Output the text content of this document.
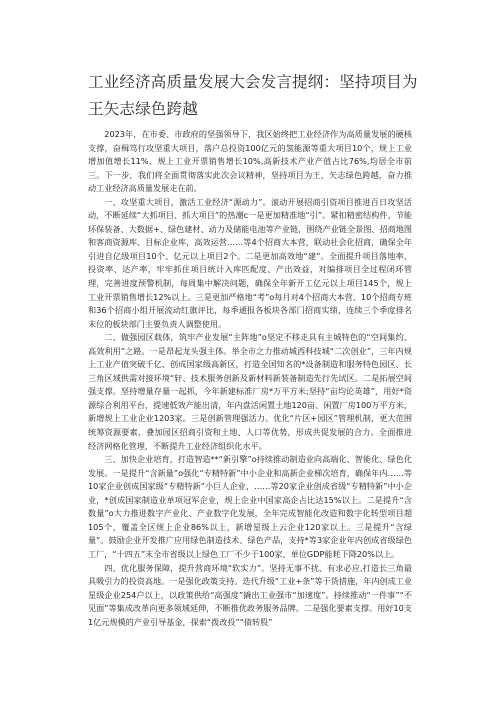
工业经济高质量发展大会发言提纲：坚持项目为王矢志绿色跨越

2023年，在市委、市政府的坚强领导下，我区始终把工业经济作为高质量发展的硬核支撑，奋楫笃行攻坚重大项目，落户总投资100亿元的氢能源等重大项目10个，规上工业增加值增长11%、规上工业开票销售增长10%,高新技术产业产值占比76%,均居全市前三。下一步，我们将全面贯彻落实此次会议精神，坚持项目为王，矢志绿色跨越，奋力推动工业经济高质量发展走在前。

一、攻坚重大项目，激活工业经济“源动力”。滚动开展招商引资项目推进百日攻坚活动，不断延续“大抓项目、抓大项目”的热潮c一是更加精准地“引”。紧扣精密结构件、节能环保装备、大数据+、绿色建材、动力及储能电池等产业链，围绕产业链全景图、招商地图和客商资源库、目标企业库，高效运营……等4个招商大本营，联动社会化招商，确保全年引进自亿级项目10个、亿元以上项目2个。二是更加高效地“建”。全面提升项目落地率、投资率、达产率，牢牢抓住项目统计入库匹配度、产出效益，对编排项目全过程闭环管理，完善进度预警机制，每周集中解决问题，确保全年新开工亿元以上项目145个，规上工业开票销售增长12%以上。三是更加严格地“考”o每月对4个招商大本营、10个招商专班和36个招商小组开展流动红旗评比，每季通报各板块各部门招商实绩，连续三个季度排名末位的板块部门主要负责人调整使用。

二、做强园区载体，筑牢产业发展“主阵地”o坚定不移走具有主城特色的“空间集约、高效利用”之路。一是昂起龙头强主体。举全市之力推动城西科技城“二次创业”，三年内规上工业产值突破千亿、创成国家级高新区，打造全国知名的*设备制造和服务特色园区、长三角区域供需对接环境“轩、技术服务创新及新材料新装备制造先行先试区。二是拓展空间强支撑。坚持增量存量一起抓，今年新建标准厂房*万平方米;坚持“亩均论英雄”，用好*资源综合利用平台，提速低效产能出清，年内盘活闲置土地120亩、闲置厂房100万平方米，新增规上工业企业1203家。三是创新管理强活力。优化“片区+园区”管理机制，更大范围统筹资源要素，叠加园区招商引资和土地、人口等优势，形成共促发展的合力。全面推进经济网格化管理，不断提升工业经济组织化水平。

三、加快企业培育，打造智造**“新引擎”o持续推动制造业向高端化、智能化、绿色化发展。一是提升“含新量”o强化“专精特新”中小企业和高新企业梯次培育，确保年内……等10家企业创成国家级“专精特新”小巨人企业，……等20家企业创成省级“专精特新”中小企业，*创成国家制造业单项冠军企业，规上企业中国家高企占比达15%以上。二是提升“含数量”o大力推进数字产业化、产业数字化发展，全年完成智能化改造和数字化转型项目超105个，覆盖全区规上企业86%以上，新增星级上云企业120家以上。三是提升“含绿量”。鼓励企业开发推广应用绿色制造技术、绿色产品，支持*等3家企业年内创成省级绿色工厂，“十四五”末全市省级以上绿色工厂不少于100家、单位GDP能耗下降20%以上。

四、优化服务保障，提升营商环境“软实力”。坚持无事不扰、有求必应,打造长三角最具吸引力的投资高地。一是强化政策支持。迭代升级“工业+条”等干货措施，年内创成工业星级企业254户以上，以政策供给“高强度”撬出工业强市“加速度”。持续推动“一件事”“不见面”等集成改革向更多领域延伸，不断推优政务服务品牌。二是强化要素支撑。用好10支1亿元规模的产业引导基金，探索“拨改投”“债转股”
